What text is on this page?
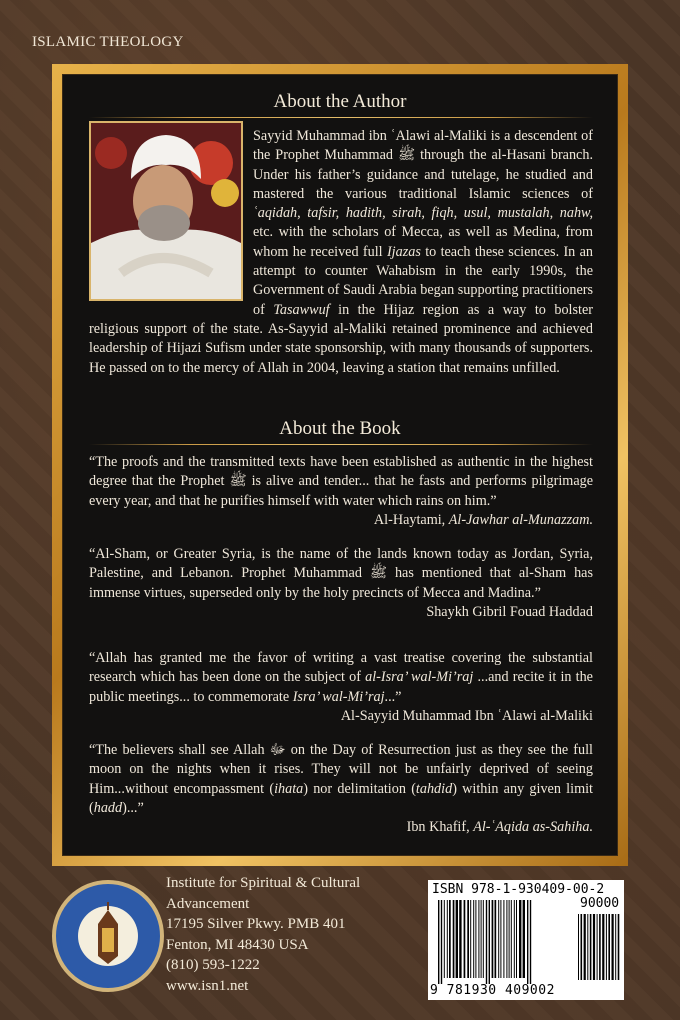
ISLAMIC THEOLOGY
About the Author
Sayyid Muhammad ibn ʿAlawi al-Maliki is a descendent of the Prophet Muhammad ﷺ through the al-Hasani branch. Under his father’s guidance and tutelage, he studied and mastered the various traditional Islamic sciences of ʿaqidah, tafsir, hadith, sirah, fiqh, usul, mustalah, nahw, etc. with the scholars of Mecca, as well as Medina, from whom he received full Ijazas to teach these sciences. In an attempt to counter Wahabism in the early 1990s, the Government of Saudi Arabia began supporting practitioners of Tasawwuf in the Hijaz region as a way to bolster religious support of the state. As-Sayyid al-Maliki retained prominence and achieved leadership of Hijazi Sufism under state sponsorship, with many thousands of supporters. He passed on to the mercy of Allah in 2004, leaving a station that remains unfilled.
About the Book
“The proofs and the transmitted texts have been established as authentic in the highest degree that the Prophet ﷺ is alive and tender... that he fasts and performs pilgrimage every year, and that he purifies himself with water which rains on him.”
Al-Haytami, Al-Jawhar al-Munazzam.
“Al-Sham, or Greater Syria, is the name of the lands known today as Jordan, Syria, Palestine, and Lebanon. Prophet Muhammad ﷺ has mentioned that al-Sham has immense virtues, superseded only by the holy precincts of Mecca and Madina.”
Shaykh Gibril Fouad Haddad
“Allah has granted me the favor of writing a vast treatise covering the substantial research which has been done on the subject of al-Isra’ wal-Mi’raj ...and recite it in the public meetings... to commemorate Isra’ wal-Mi’raj...”
Al-Sayyid Muhammad Ibn ʿAlawi al-Maliki
“The believers shall see Allah ﷻ on the Day of Resurrection just as they see the full moon on the nights when it rises. They will not be unfairly deprived of seeing Him...without encompassment (ihata) nor delimitation (tahdid) within any given limit (hadd)...”
Ibn Khafif, Al-ʿAqida as-Sahiha.
Institute for Spiritual & Cultural
Advancement
17195 Silver Pkwy. PMB 401
Fenton, MI 48430 USA
(810) 593-1222
www.isn1.net
ISBN 978-1-930409-00-2
90000
9 781930 409002
